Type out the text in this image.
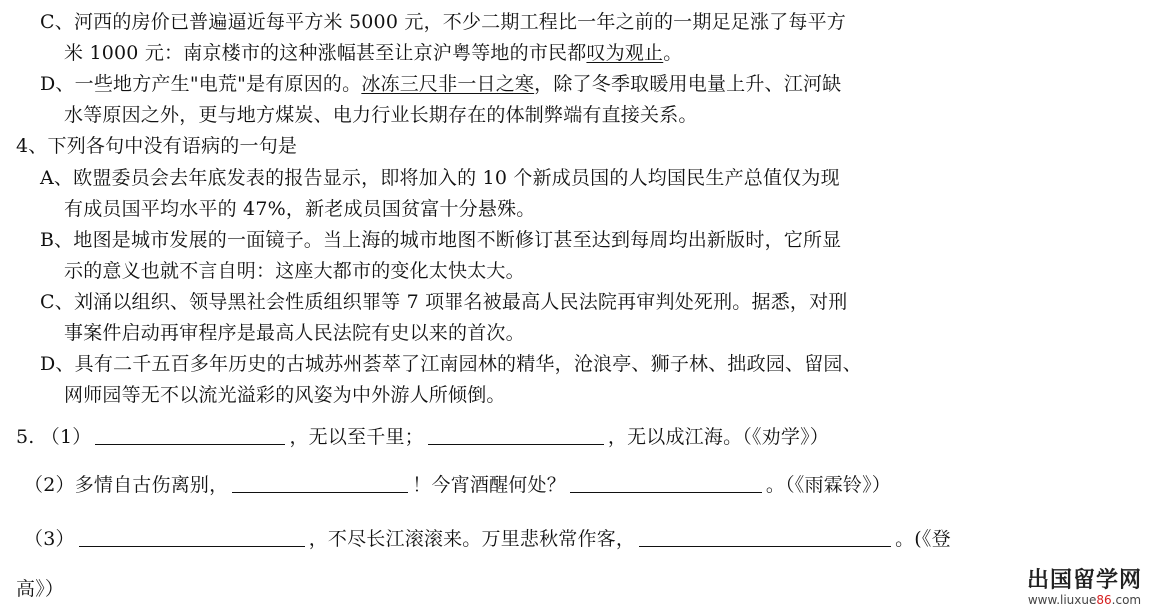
C、河西的房价已普遍逼近每平方米 5000 元，不少二期工程比一年之前的一期足足涨了每平方
米 1000 元：南京楼市的这种涨幅甚至让京沪粤等地的市民都叹为观止。
D、一些地方产生"电荒"是有原因的。冰冻三尺非一日之寒，除了冬季取暖用电量上升、江河缺
水等原因之外，更与地方煤炭、电力行业长期存在的体制弊端有直接关系。
4、下列各句中没有语病的一句是
A、欧盟委员会去年底发表的报告显示，即将加入的 10 个新成员国的人均国民生产总值仅为现
有成员国平均水平的 47%，新老成员国贫富十分悬殊。
B、地图是城市发展的一面镜子。当上海的城市地图不断修订甚至达到每周均出新版时，它所显
示的意义也就不言自明：这座大都市的变化太快太大。
C、刘涌以组织、领导黑社会性质组织罪等 7 项罪名被最高人民法院再审判处死刑。据悉，对刑
事案件启动再审程序是最高人民法院有史以来的首次。
D、具有二千五百多年历史的古城苏州荟萃了江南园林的精华，沧浪亭、狮子林、拙政园、留园、
网师园等无不以流光溢彩的风姿为中外游人所倾倒。
5. （1）	，无以至千里；	，无以成江海。（《劝学》）
（2）多情自古伤离别，	！今宵酒醒何处？	。（《雨霖铃》）
（3）	，不尽长江滚滚来。万里悲秋常作客，	。(《登
高》）	出国留学网
www.liuxue86.com
